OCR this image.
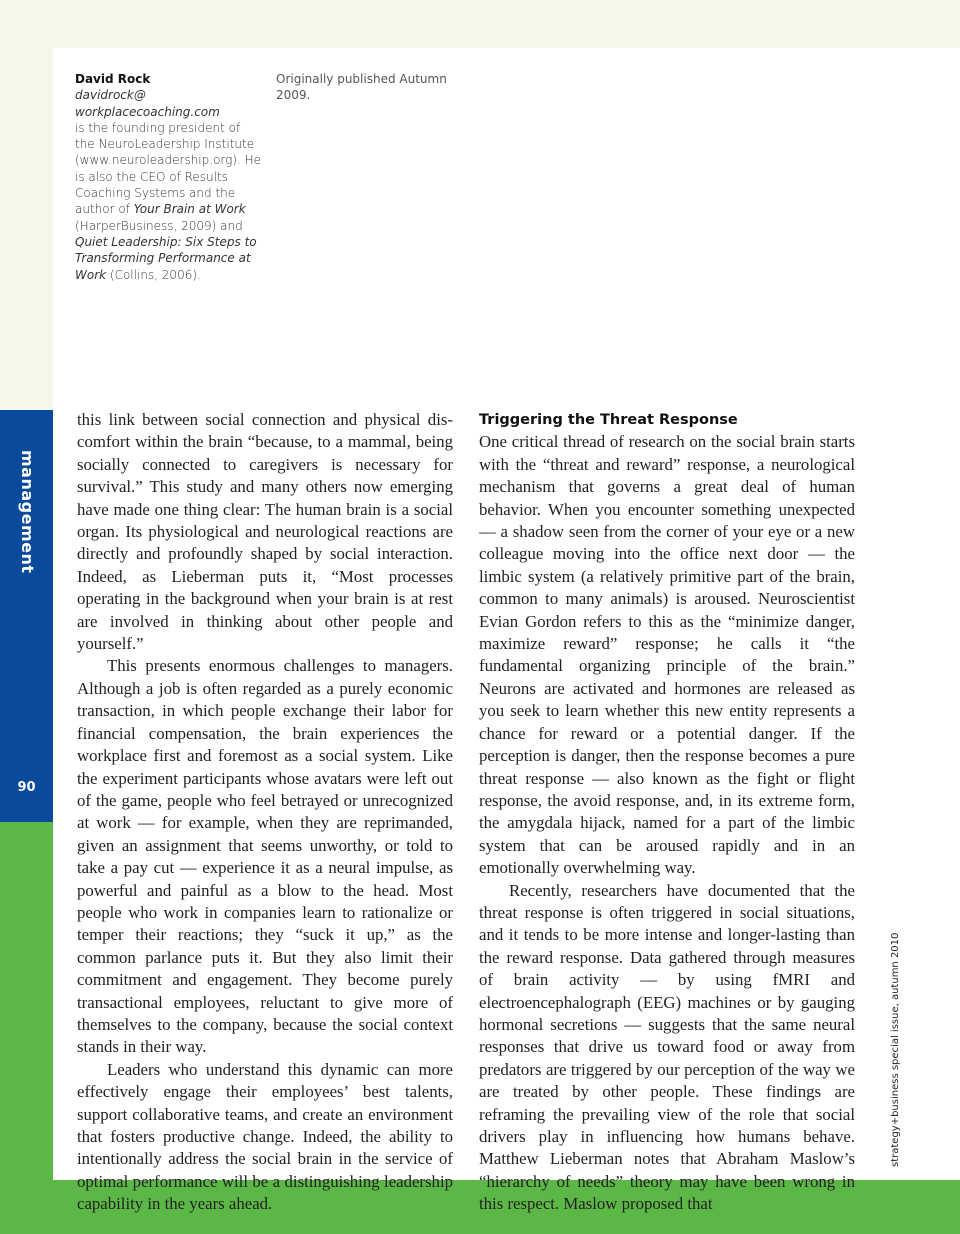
management
90
David Rock
davidrock@
workplacecoaching.com
is the founding president of the NeuroLeadership Institute (www.neuroleadership.org). He is also the CEO of Results Coaching Systems and the author of Your Brain at Work (HarperBusiness, 2009) and Quiet Leadership: Six Steps to Transforming Performance at Work (Collins, 2006).
Originally published Autumn 2009.

this link between social connection and physical discomfort within the brain “because, to a mammal, being socially connected to caregivers is necessary for survival.” This study and many others now emerging have made one thing clear: The human brain is a social organ. Its physiological and neurological reactions are directly and profoundly shaped by social interaction. Indeed, as Lieberman puts it, “Most processes operating in the background when your brain is at rest are involved in thinking about other people and yourself.”

This presents enormous challenges to managers. Although a job is often regarded as a purely economic transaction, in which people exchange their labor for financial compensation, the brain experiences the workplace first and foremost as a social system. Like the experiment participants whose avatars were left out of the game, people who feel betrayed or unrecognized at work — for example, when they are reprimanded, given an assignment that seems unworthy, or told to take a pay cut — experience it as a neural impulse, as powerful and painful as a blow to the head. Most people who work in companies learn to rationalize or temper their reactions; they “suck it up,” as the common parlance puts it. But they also limit their commitment and engagement. They become purely transactional employees, reluctant to give more of themselves to the company, because the social context stands in their way.

Leaders who understand this dynamic can more effectively engage their employees’ best talents, support collaborative teams, and create an environment that fosters productive change. Indeed, the ability to intentionally address the social brain in the service of optimal performance will be a distinguishing leadership capability in the years ahead.

Triggering the Threat Response

One critical thread of research on the social brain starts with the “threat and reward” response, a neurological mechanism that governs a great deal of human behavior. When you encounter something unexpected — a shadow seen from the corner of your eye or a new colleague moving into the office next door — the limbic system (a relatively primitive part of the brain, common to many animals) is aroused. Neuroscientist Evian Gordon refers to this as the “minimize danger, maximize reward” response; he calls it “the fundamental organizing principle of the brain.” Neurons are activated and hormones are released as you seek to learn whether this new entity represents a chance for reward or a potential danger. If the perception is danger, then the response becomes a pure threat response — also known as the fight or flight response, the avoid response, and, in its extreme form, the amygdala hijack, named for a part of the limbic system that can be aroused rapidly and in an emotionally overwhelming way.

Recently, researchers have documented that the threat response is often triggered in social situations, and it tends to be more intense and longer-lasting than the reward response. Data gathered through measures of brain activity — by using fMRI and electroencephalograph (EEG) machines or by gauging hormonal secretions — suggests that the same neural responses that drive us toward food or away from predators are triggered by our perception of the way we are treated by other people. These findings are reframing the prevailing view of the role that social drivers play in influencing how humans behave. Matthew Lieberman notes that Abraham Maslow’s “hierarchy of needs” theory may have been wrong in this respect. Maslow proposed that

strategy+business special issue, autumn 2010
